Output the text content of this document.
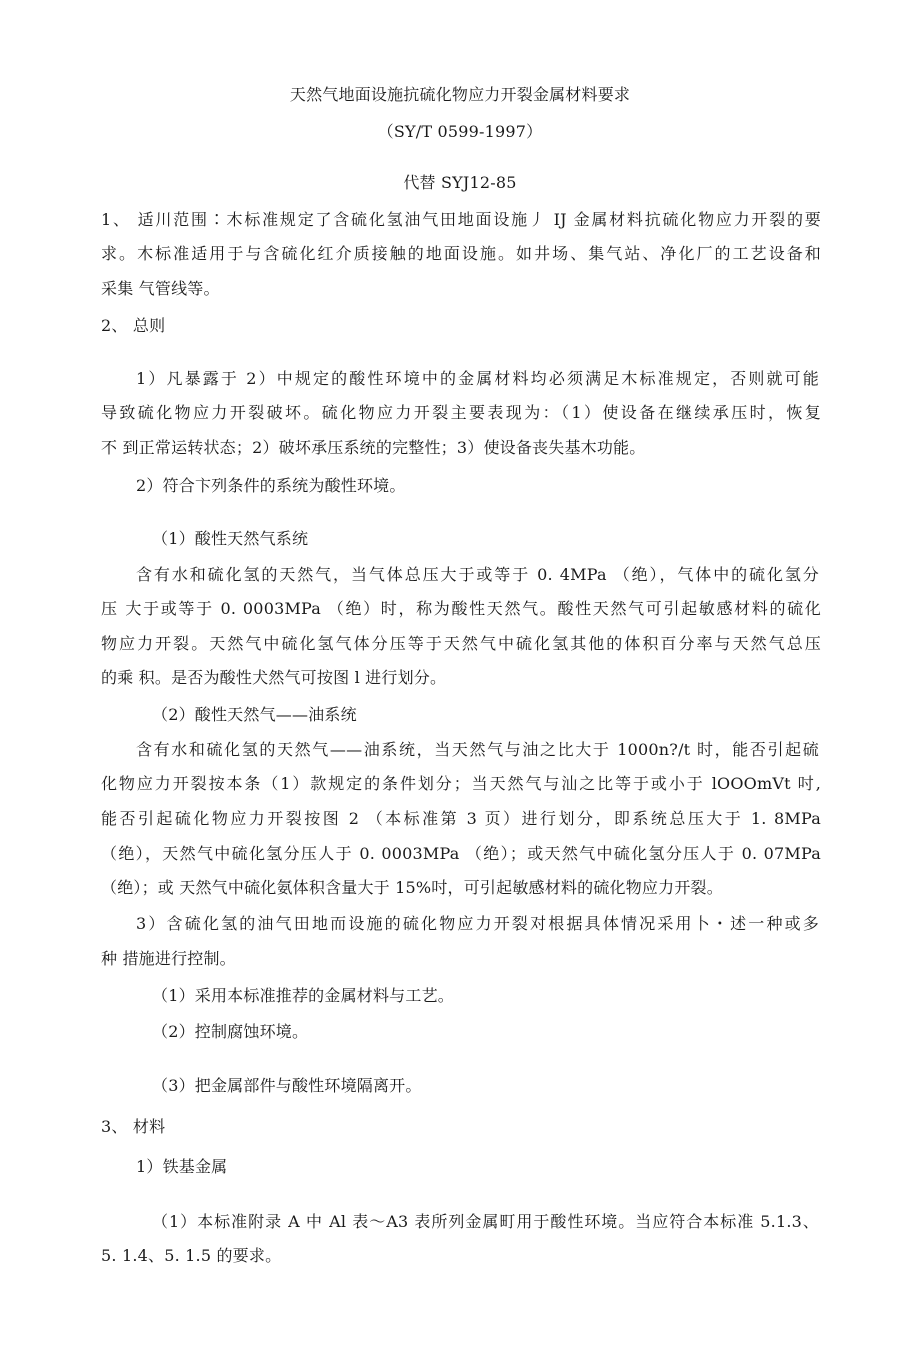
天然气地面设施抗硫化物应力开裂金属材料要求
（SY/T 0599-1997）
代替 SYJ12-85
1、 适川范围∶木标准规定了含硫化氢油气田地面设施丿 IJ 金属材料抗硫化物应力开裂的要
求。木标准适用于与含硫化红介质接触的地面设施。如井场、集气站、净化厂的工艺设备和
采集 气管线等。
2、 总则
1）凡暴露于 2）中规定的酸性环境中的金属材料均必须满足木标准规定，否则就可能
导致硫化物应力开裂破坏。硫化物应力开裂主要表现为：（1）使设备在继续承压时，恢复
不 到正常运转状态；2）破坏承压系统的完整性；3）使设备丧失基木功能。
2）符合卞列条件的系统为酸性环境。
（1）酸性天然气系统
含有水和硫化氢的天然气，当气体总压大于或等于 0. 4MPa （绝），气体中的硫化氢分
压 大于或等于 0. 0003MPa （绝）时，称为酸性天然气。酸性天然气可引起敏感材料的硫化
物应力开裂。天然气中硫化氢气体分压等于天然气中硫化氢其他的体积百分率与天然气总压
的乘 积。是否为酸性犬然气可按图 l 进行划分。
（2）酸性天然气——油系统
含有水和硫化氢的天然气——油系统，当天然气与油之比大于 1000n?/t 时，能否引起硫
化物应力开裂按本条（1）款规定的条件划分；当天然气与汕之比等于或小于 lOOOmVt 吋,
能否引起硫化物应力开裂按图 2 （本标准第 3 页）进行划分，即系统总压大于 1. 8MPa
（绝），天然气中硫化氢分压人于 0. 0003MPa （绝）；或天然气中硫化氢分压人于 0. 07MPa
（绝）；或 天然气中硫化氨体积含量大于 15%吋，可引起敏感材料的硫化物应力开裂。
3）含硫化氢的油气田地而设施的硫化物应力开裂对根据具体情况采用卜・述一种或多
种 措施进行控制。
（1）采用本标准推荐的金属材料与工艺。
（2）控制腐蚀环境。
（3）把金属部件与酸性环境隔离开。
3、 材料
1）铁基金属
（1）本标准附录 A 中 Al 表～A3 表所列金属町用于酸性环境。当应符合本标准 5.1.3、
5. 1.4、5. 1.5 的要求。
